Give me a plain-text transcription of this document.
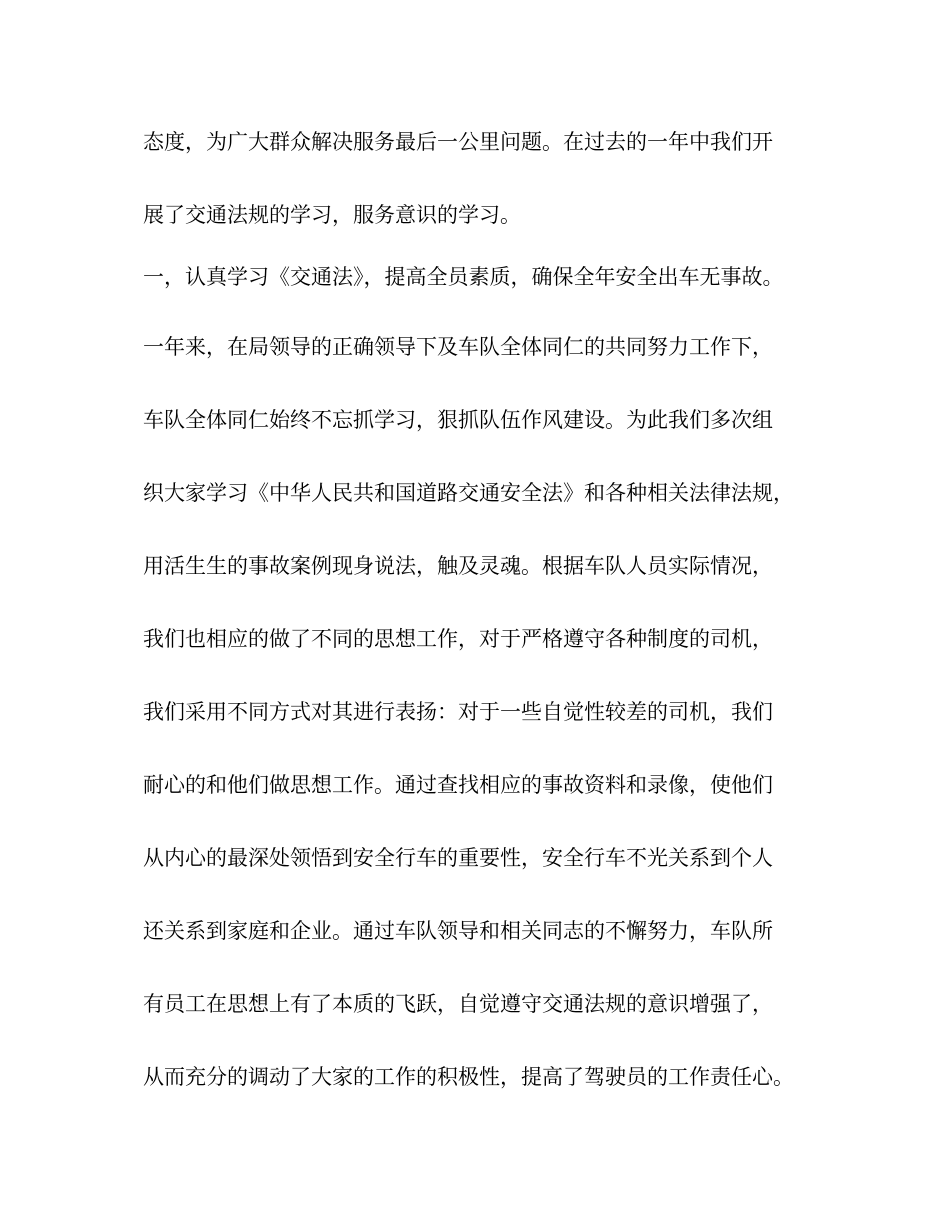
态度，为广大群众解决服务最后一公里问题。在过去的一年中我们开

展了交通法规的学习，服务意识的学习。

一，认真学习《交通法》，提高全员素质，确保全年安全出车无事故。

一年来，在局领导的正确领导下及车队全体同仁的共同努力工作下，

车队全体同仁始终不忘抓学习，狠抓队伍作风建设。为此我们多次组

织大家学习《中华人民共和国道路交通安全法》和各种相关法律法规，

用活生生的事故案例现身说法，触及灵魂。根据车队人员实际情况，

我们也相应的做了不同的思想工作，对于严格遵守各种制度的司机，

我们采用不同方式对其进行表扬：对于一些自觉性较差的司机，我们

耐心的和他们做思想工作。通过查找相应的事故资料和录像，使他们

从内心的最深处领悟到安全行车的重要性，安全行车不光关系到个人

还关系到家庭和企业。通过车队领导和相关同志的不懈努力，车队所

有员工在思想上有了本质的飞跃，自觉遵守交通法规的意识增强了，

从而充分的调动了大家的工作的积极性，提高了驾驶员的工作责任心。
